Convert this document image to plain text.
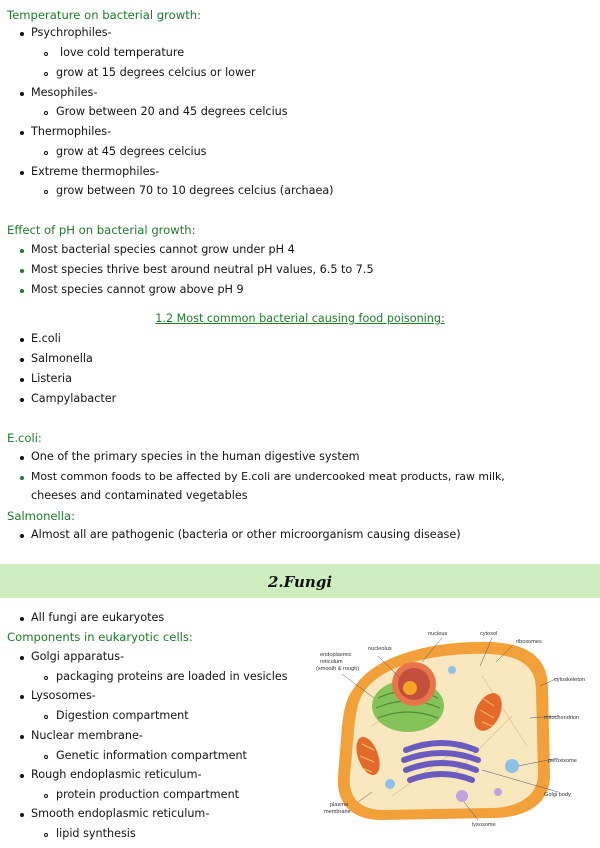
Temperature on bacterial growth:
Psychrophiles-
love cold temperature
grow at 15 degrees celcius or lower
Mesophiles-
Grow between 20 and 45 degrees celcius
Thermophiles-
grow at 45 degrees celcius
Extreme thermophiles-
grow between 70 to 10 degrees celcius (archaea)
Effect of pH on bacterial growth:
Most bacterial species cannot grow under pH 4
Most species thrive best around neutral pH values, 6.5 to 7.5
Most species cannot grow above pH 9
1.2 Most common bacterial causing food poisoning:
E.coli
Salmonella
Listeria
Campylabacter
E.coli:
One of the primary species in the human digestive system
Most common foods to be affected by E.coli are undercooked meat products, raw milk,
cheeses and contaminated vegetables
Salmonella:
Almost all are pathogenic (bacteria or other microorganism causing disease)
2.Fungi
All fungi are eukaryotes
Components in eukaryotic cells:
Golgi apparatus-
packaging proteins are loaded in vesicles
Lysosomes-
Digestion compartment
Nuclear membrane-
Genetic information compartment
Rough endoplasmic reticulum-
protein production compartment
Smooth endoplasmic reticulum-
lipid synthesis
nucleus	cytosol
ribosomes
nucleolus
endoplasmic
reticulum
(smooth & rough)
cytoskeleton
mitochondrion
peroxisome
Golgi body
plasma
membrane
lysosome
